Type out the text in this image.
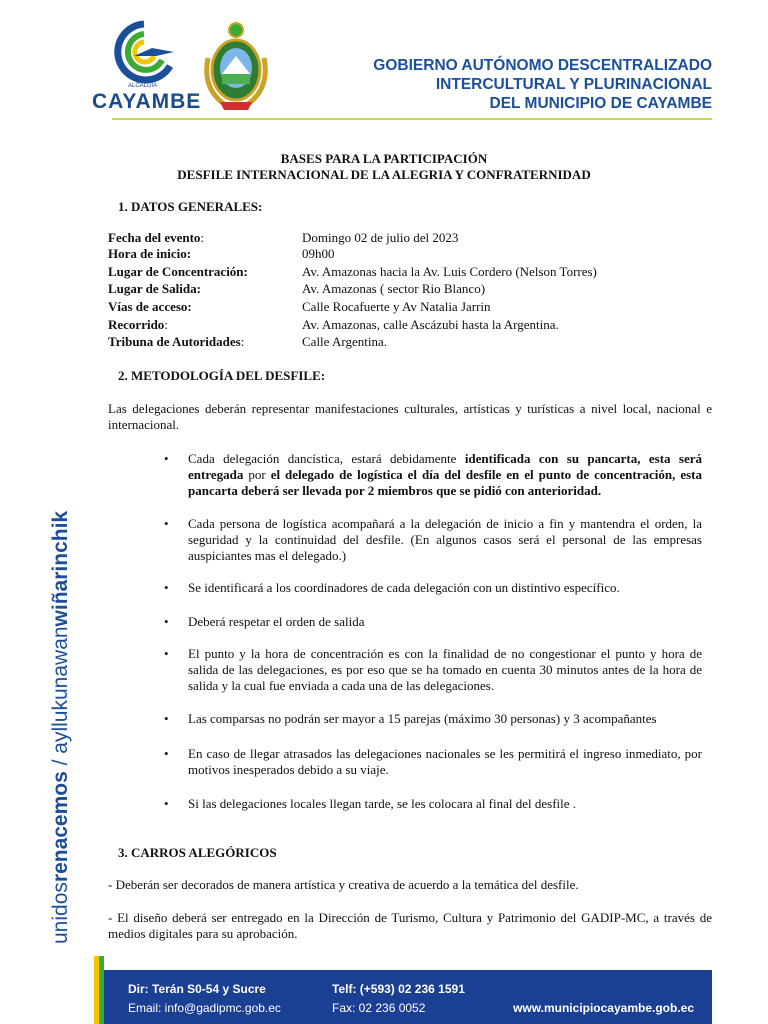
ALCALDÍA
CAYAMBE
GOBIERNO AUTÓNOMO DESCENTRALIZADO
INTERCULTURAL Y PLURINACIONAL
DEL MUNICIPIO DE CAYAMBE
BASES PARA LA PARTICIPACIÓN
DESFILE INTERNACIONAL DE LA ALEGRIA Y CONFRATERNIDAD
1. DATOS GENERALES:
Fecha del evento:	Domingo 02 de julio del 2023
Hora de inicio:	09h00
Lugar de Concentración:	Av. Amazonas hacia la Av. Luis Cordero (Nelson Torres)
Lugar de Salida:	Av. Amazonas ( sector Rio Blanco)
Vías de acceso:	Calle Rocafuerte y Av Natalia Jarrin
Recorrido:	Av. Amazonas, calle Ascázubi hasta la Argentina.
Tribuna de Autoridades:	Calle Argentina.
2. METODOLOGÍA DEL DESFILE:
Las delegaciones deberán representar manifestaciones culturales, artísticas y turísticas a nivel local, nacional e internacional.
• Cada delegación dancística, estará debidamente identificada con su pancarta, esta será entregada por el delegado de logística el día del desfile en el punto de concentración, esta pancarta deberá ser llevada por 2 miembros que se pidió con anterioridad.
• Cada persona de logística acompañará a la delegación de inicio a fin y mantendra el orden, la seguridad y la continuidad del desfile. (En algunos casos será el personal de las empresas auspiciantes mas el delegado.)
• Se identificará a los coordinadores de cada delegación con un distintivo específico.
• Deberá respetar el orden de salida
• El punto y la hora de concentración es con la finalidad de no congestionar el punto y hora de salida de las delegaciones, es por eso que se ha tomado en cuenta 30 minutos antes de la hora de salida y la cual fue enviada a cada una de las delegaciones.
• Las comparsas no podrán ser mayor a 15 parejas (máximo 30 personas) y 3 acompañantes
• En caso de llegar atrasados las delegaciones nacionales se les permitirá el ingreso inmediato, por motivos inesperados debido a su viaje.
• Si las delegaciones locales llegan tarde, se les colocara al final del desfile .
3. CARROS ALEGÓRICOS
- Deberán ser decorados de manera artística y creativa de acuerdo a la temática del desfile.
- El diseño deberá ser entregado en la Dirección de Turismo, Cultura y Patrimonio del GADIP-MC, a través de medios digitales para su aprobación.
unidosrenacemos / ayllukunawanwiñarinchik
Dir: Terán S0-54 y Sucre
Email: info@gadipmc.gob.ec
Telf: (+593) 02 236 1591
Fax: 02 236 0052	www.municipiocayambe.gob.ec
